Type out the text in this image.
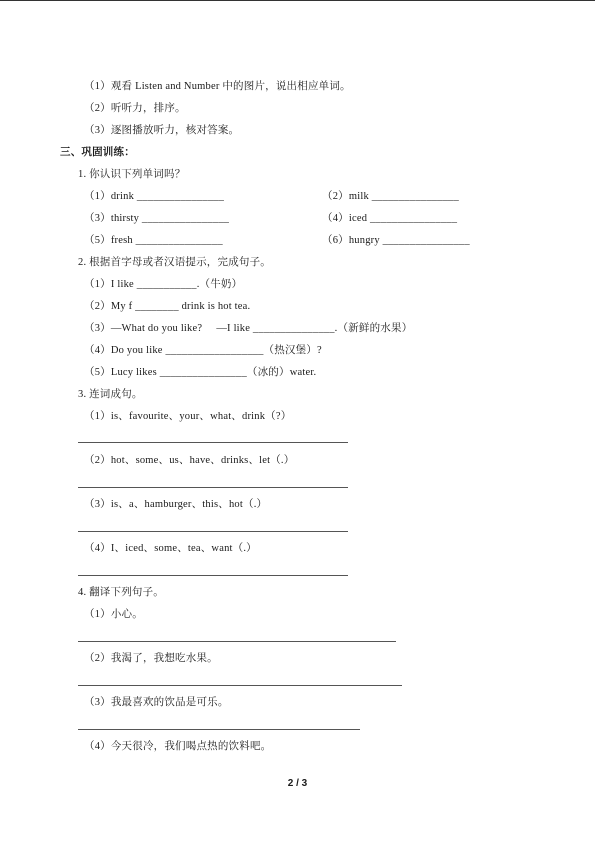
（1）观看 Listen and Number 中的图片，说出相应单词。
（2）听听力，排序。
（3）逐图播放听力，核对答案。
三、巩固训练：
1. 你认识下列单词吗？
（1）drink ________________	（2）milk ________________
（3）thirsty ________________	（4）iced ________________
（5）fresh ________________	（6）hungry ________________
2. 根据首字母或者汉语提示，完成句子。
（1）I like ___________.（牛奶）
（2）My f ________ drink is hot tea.
（3）—What do you like?     —I like _______________.（新鲜的水果）
（4）Do you like __________________（热汉堡）?
（5）Lucy likes ________________（冰的）water.
3. 连词成句。
（1）is、favourite、your、what、drink（?）
（2）hot、some、us、have、drinks、let（.）
（3）is、a、hamburger、this、hot（.）
（4）I、iced、some、tea、want（.）
4. 翻译下列句子。
（1）小心。
（2）我渴了，我想吃水果。
（3）我最喜欢的饮品是可乐。
（4）今天很冷，我们喝点热的饮料吧。
2 / 3
